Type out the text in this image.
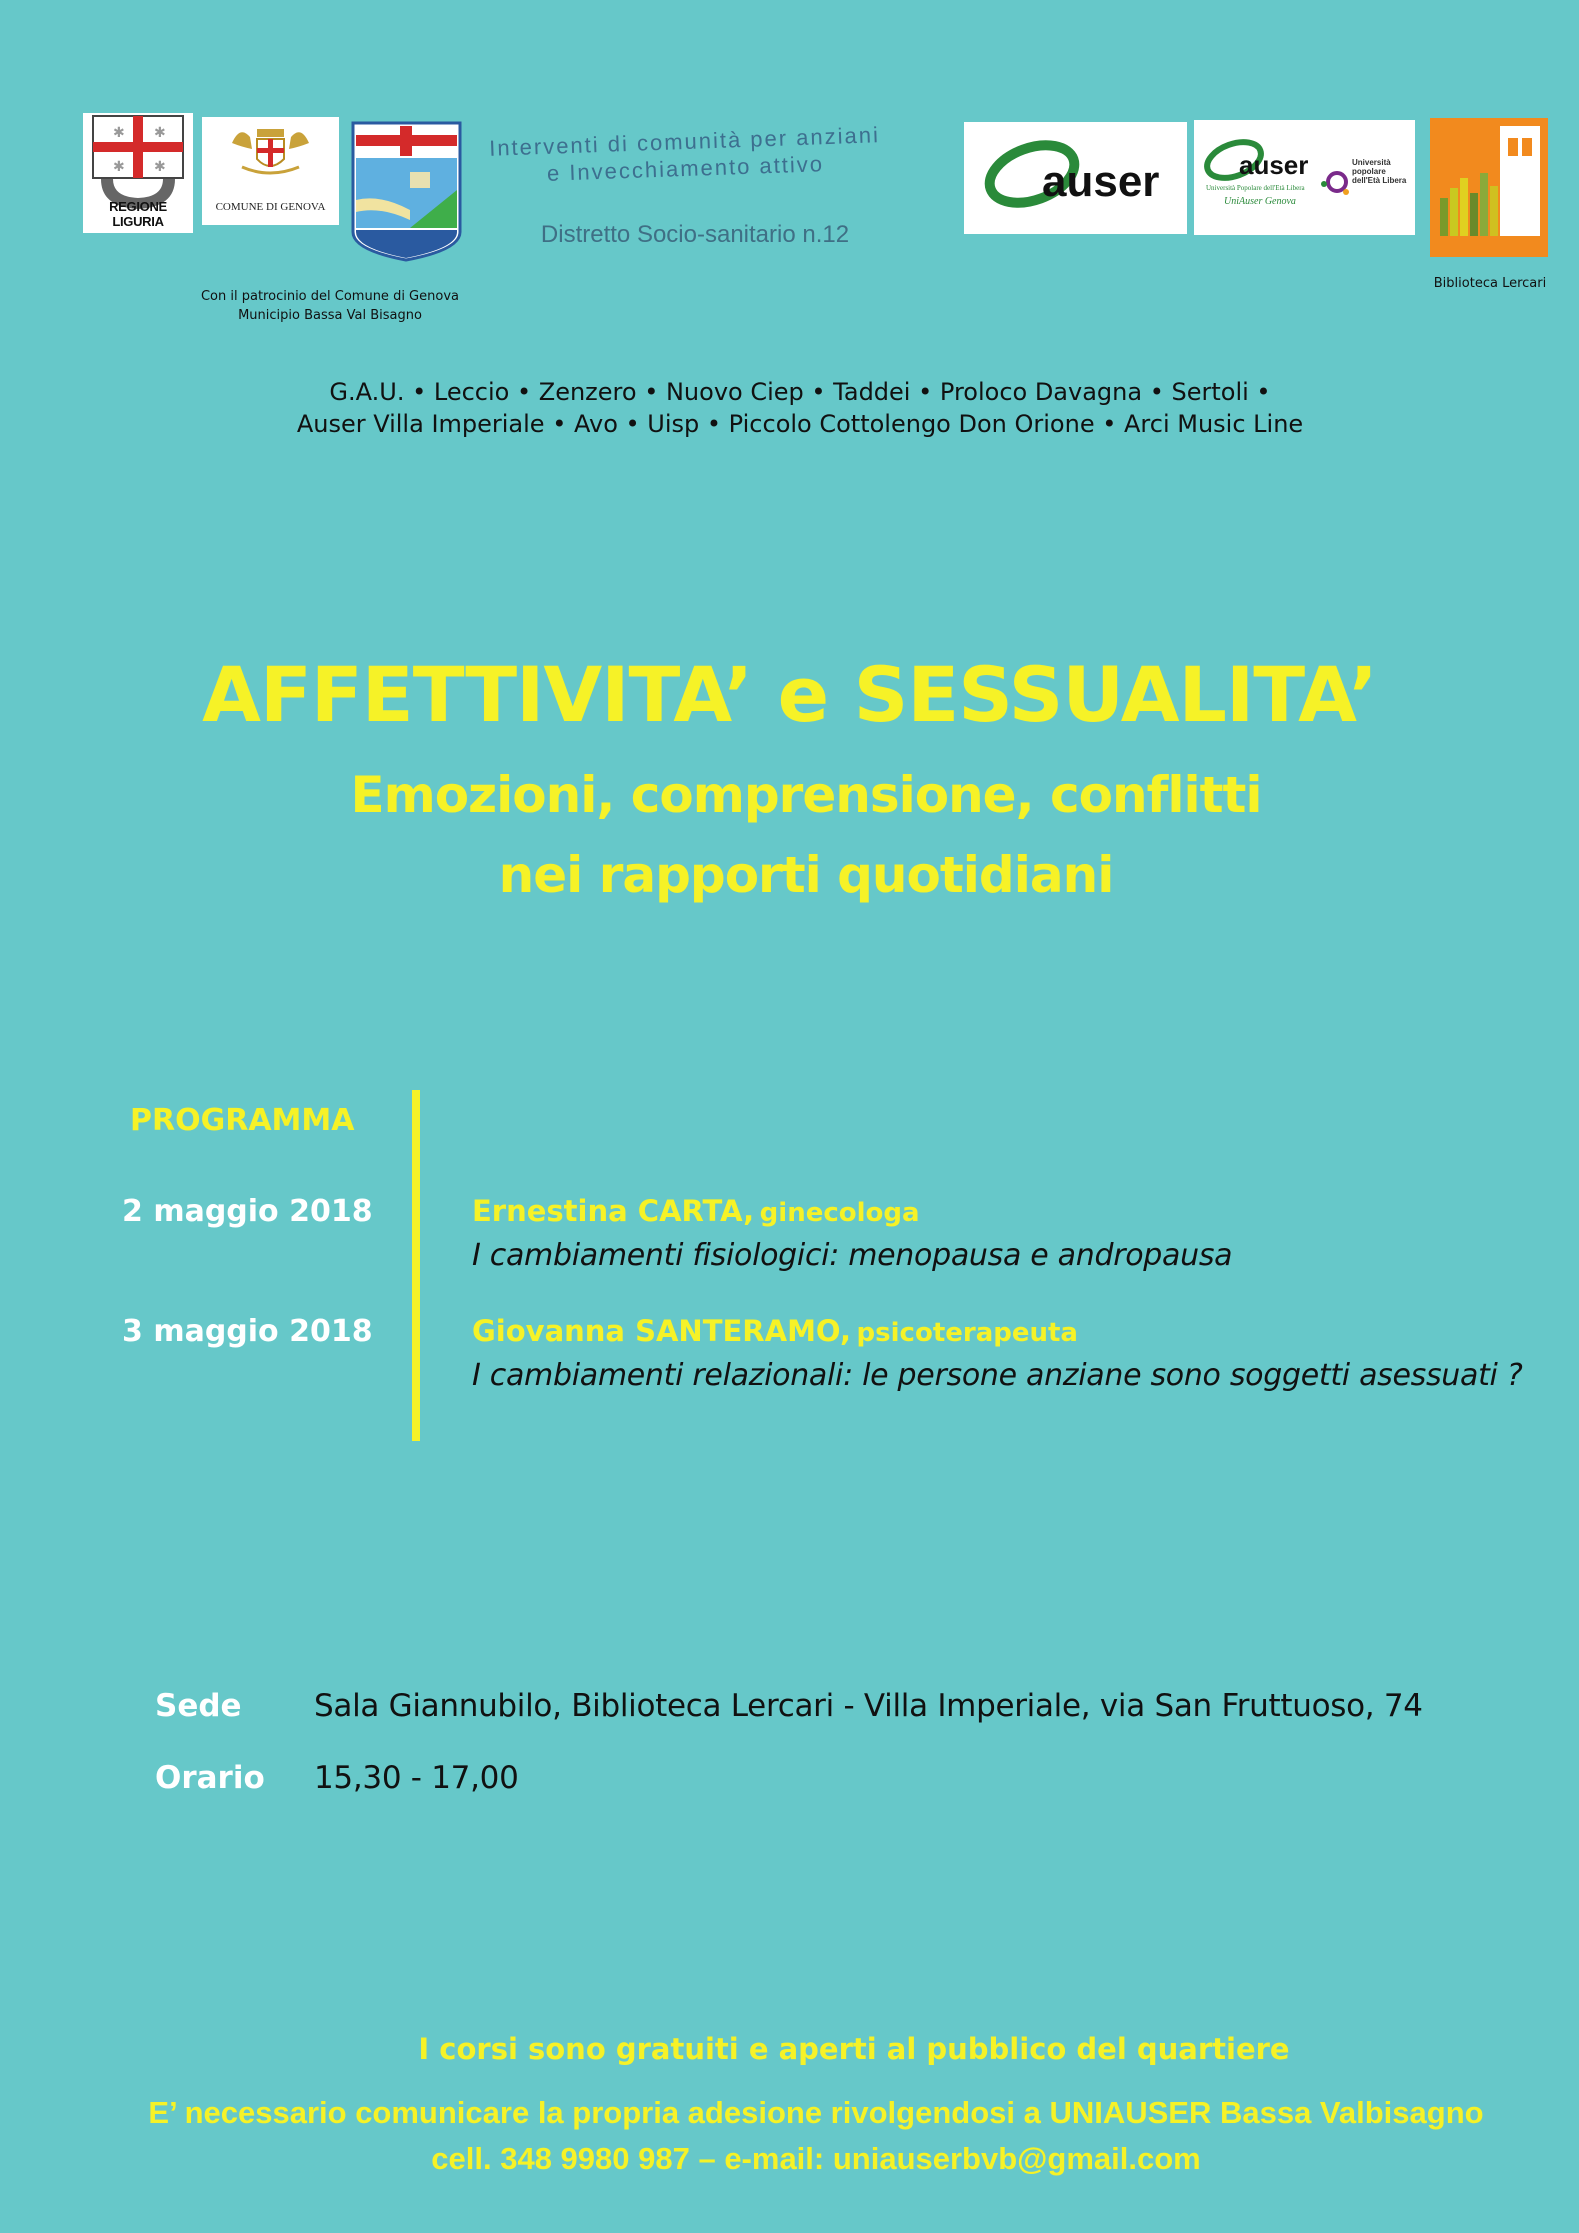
✱ ✱
✱ ✱
REGIONE LIGURIA
COMUNE DI GENOVA
Interventi di comunità per anziani
e Invecchiamento attivo
Distretto Socio-sanitario n.12
Con il patrocinio del Comune di Genova
Municipio Bassa Val Bisagno
auser	auser
Università Popolare dell'Età Libera
UniAuser Genova
Università popolare dell'Età Libera
Biblioteca Lercari
G.A.U. • Leccio • Zenzero • Nuovo Ciep • Taddei • Proloco Davagna • Sertoli •
Auser Villa Imperiale • Avo • Uisp • Piccolo Cottolengo Don Orione • Arci Music Line
AFFETTIVITA’ e SESSUALITA’
Emozioni, comprensione, conflitti
nei rapporti quotidiani
PROGRAMMA
2 maggio 2018	Ernestina CARTA, ginecologa
I cambiamenti fisiologici: menopausa e andropausa
3 maggio 2018	Giovanna SANTERAMO, psicoterapeuta
I cambiamenti relazionali: le persone anziane sono soggetti asessuati ?
Sede Sala Giannubilo, Biblioteca Lercari - Villa Imperiale, via San Fruttuoso, 74
Orario 15,30 - 17,00
I corsi sono gratuiti e aperti al pubblico del quartiere
E’ necessario comunicare la propria adesione rivolgendosi a UNIAUSER Bassa Valbisagno
cell. 348 9980 987 – e-mail: uniauserbvb@gmail.com
